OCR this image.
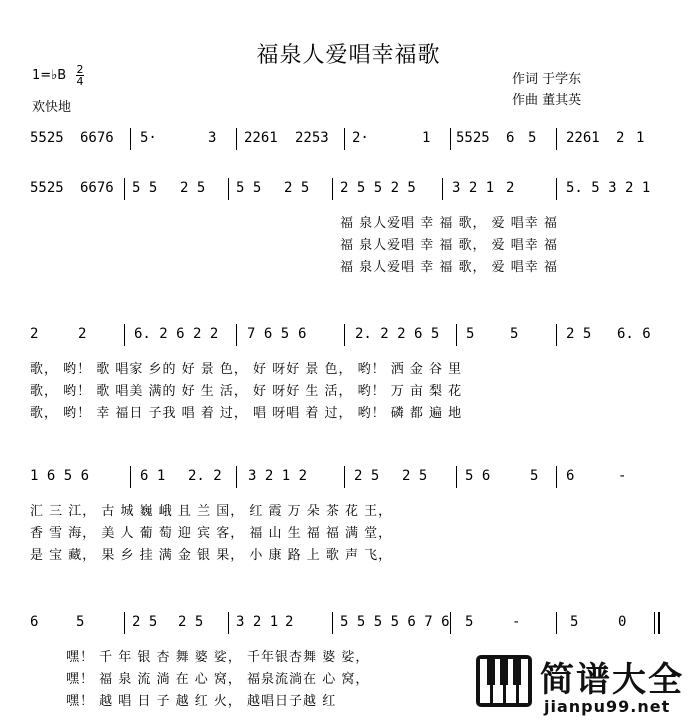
福泉人爱唱幸福歌
1=♭B 2
4
欢快地
作词 于学东
作曲 董其英
5525 6676 5·	3 2261 2253 2·	1 5525 6 5 2261 2 1
5525 6676 5 5 2 5 5 5 2 5 2 5 5 2 5	3 2 1 2	5. 5 3 2 1
福 泉人爱唱 幸 福 歌， 爱 唱幸 福
福 泉人爱唱 幸 福 歌， 爱 唱幸 福
福 泉人爱唱 幸 福 歌， 爱 唱幸 福
2	2	6. 2 6 2 2 7 6 5 6	2. 2 2 6 5 5	5	2 5 6. 6
歌， 哟！ 歌 唱家 乡的 好 景 色， 好 呀好 景 色， 哟！ 洒 金 谷 里
歌， 哟！ 歌 唱美 满的 好 生 活， 好 呀好 生 活， 哟！ 万 亩 梨 花
歌， 哟！ 幸 福日 子我 唱 着 过， 唱 呀唱 着 过， 哟！ 磷 都 遍 地
1 6 5 6	6 1 2. 2 3 2 1 2	2 5 2 5	5 6	5 6	-
汇 三 江， 古 城 巍 峨 且 兰 国， 红 霞 万 朵 茶 花 王，
香 雪 海， 美 人 葡 萄 迎 宾 客， 福 山 生 福 福 满 堂，
是 宝 藏， 果 乡 挂 满 金 银 果， 小 康 路 上 歌 声 飞，
6	5	2 5 2 5 3 2 1 2	5 5 5 5 6 7 6 5	-	5	0
嘿！ 千 年 银 杏 舞 婆 娑， 千年银杏舞 婆 娑，
嘿！ 福 泉 流 淌 在 心 窝， 福泉流淌在 心 窝，
嘿！ 越 唱 日 子 越 红 火， 越唱日子越 红
简谱大全
jianpu99.net
